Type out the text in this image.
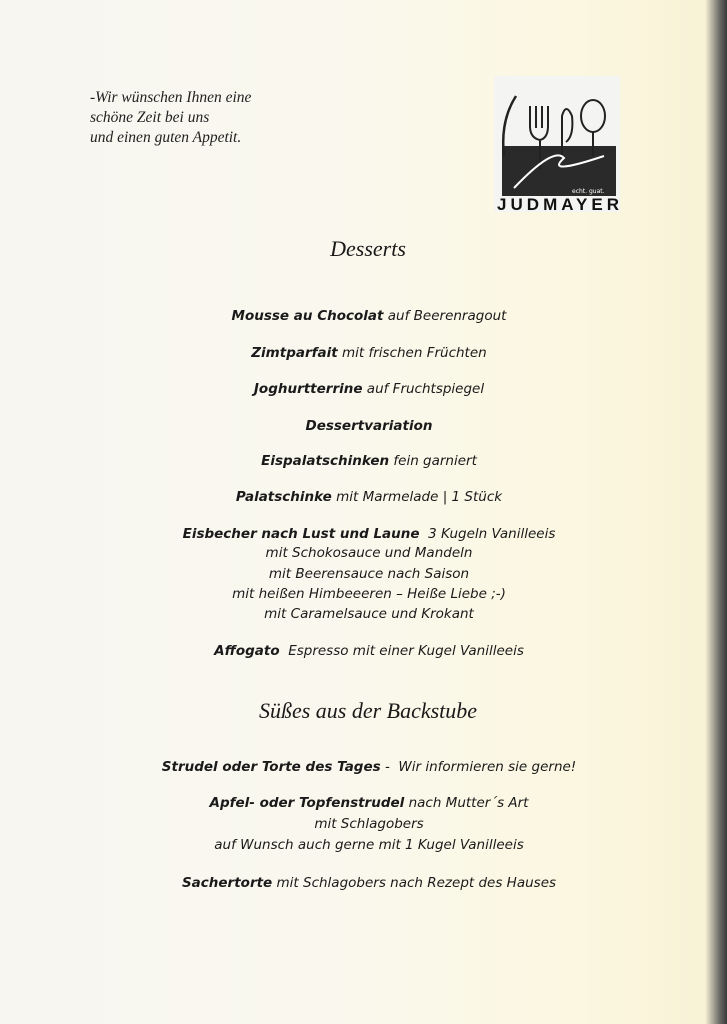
-Wir wünschen Ihnen eine
schöne Zeit bei uns
und einen guten Appetit.
echt. guat.
JUDMAYER
Desserts
Mousse au Chocolat auf Beerenragout
Zimtparfait mit frischen Früchten
Joghurtterrine auf Fruchtspiegel
Dessertvariation
Eispalatschinken fein garniert
Palatschinke mit Marmelade | 1 Stück
Eisbecher nach Lust und Laune  3 Kugeln Vanilleeis
mit Schokosauce und Mandeln
mit Beerensauce nach Saison
mit heißen Himbeeeren – Heiße Liebe ;-)
mit Caramelsauce und Krokant
Affogato  Espresso mit einer Kugel Vanilleeis
Süßes aus der Backstube
Strudel oder Torte des Tages -  Wir informieren sie gerne!
Apfel- oder Topfenstrudel nach Mutter´s Art
mit Schlagobers
auf Wunsch auch gerne mit 1 Kugel Vanilleeis
Sachertorte mit Schlagobers nach Rezept des Hauses
